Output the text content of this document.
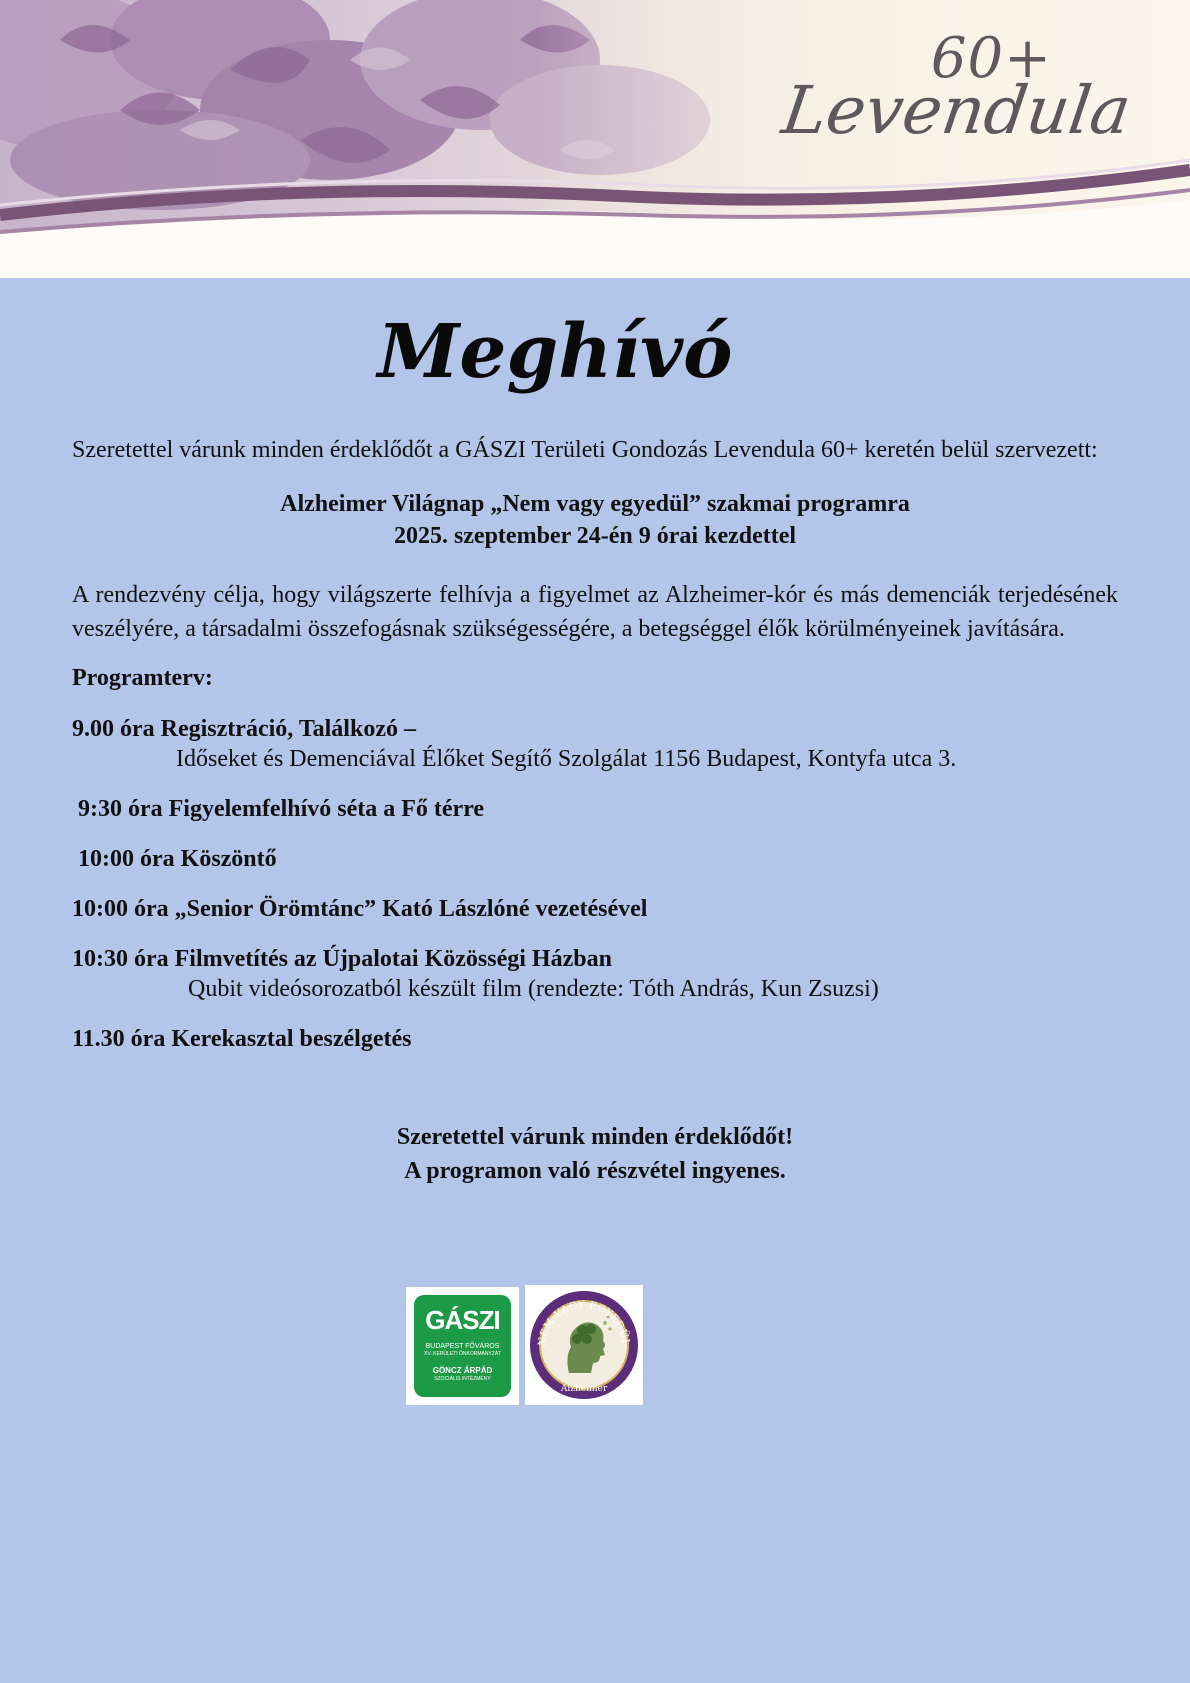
60+
Levendula
Meghívó

Szeretettel várunk minden érdeklődőt a GÁSZI Területi Gondozás Levendula 60+ keretén belül szervezett:

Alzheimer Világnap „Nem vagy egyedül” szakmai programra
2025. szeptember 24-én 9 órai kezdettel

A rendezvény célja, hogy világszerte felhívja a figyelmet az Alzheimer-kór és más demenciák terjedésének veszélyére, a társadalmi összefogásnak szükségességére, a betegséggel élők körülményeinek javítására.

Programterv:
9.00 óra Regisztráció, Találkozó –
Időseket és Demenciával Élőket Segítő Szolgálat 1156 Budapest, Kontyfa utca 3.
9:30 óra Figyelemfelhívó séta a Fő térre
10:00 óra Köszöntő
10:00 óra „Senior Örömtánc” Kató Lászlóné vezetésével
10:30 óra Filmvetítés az Újpalotai Közösségi Házban
Qubit videósorozatból készült film (rendezte: Tóth András, Kun Zsuzsi)
11.30 óra Kerekasztal beszélgetés
Szeretettel várunk minden érdeklődőt!
A programon való részvétel ingyenes.
GÁSZI
BUDAPEST FŐVÁROS
XV. KERÜLETI ÖNKORMÁNYZAT
GÖNCZ ÁRPÁD
SZOCIÁLIS INTÉZMÉNY
NEM VAGY EGYEDÜL
Alzheimer
